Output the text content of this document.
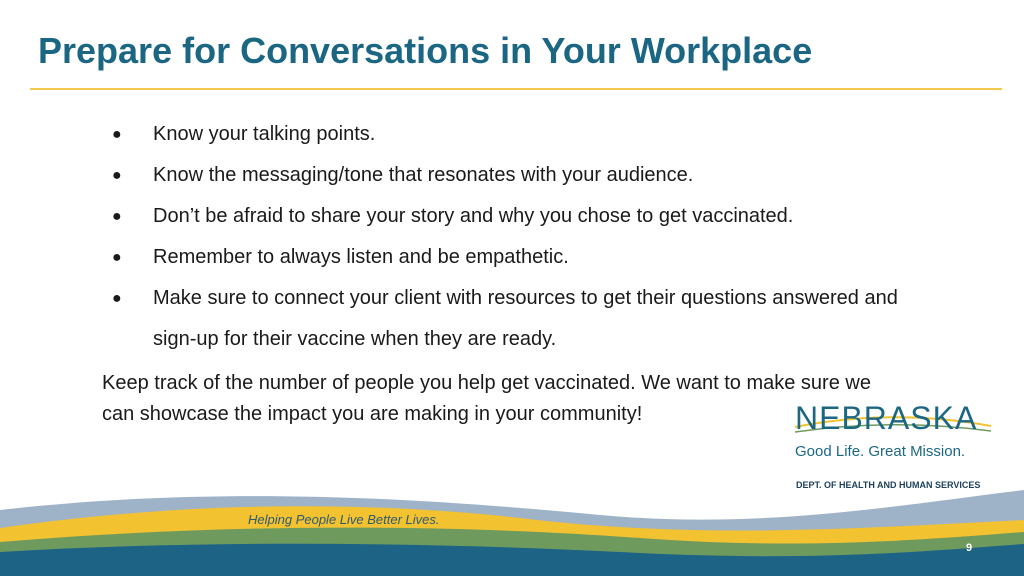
Prepare for Conversations in Your Workplace
● Know your talking points.
● Know the messaging/tone that resonates with your audience.
● Don’t be afraid to share your story and why you chose to get vaccinated.
● Remember to always listen and be empathetic.
● Make sure to connect your client with resources to get their questions answered and sign-up for their vaccine when they are ready.
Keep track of the number of people you help get vaccinated. We want to make sure we can showcase the impact you are making in your community!	NEBRASKA
Good Life. Great Mission.
DEPT. OF HEALTH AND HUMAN SERVICES
Helping People Live Better Lives.
9
